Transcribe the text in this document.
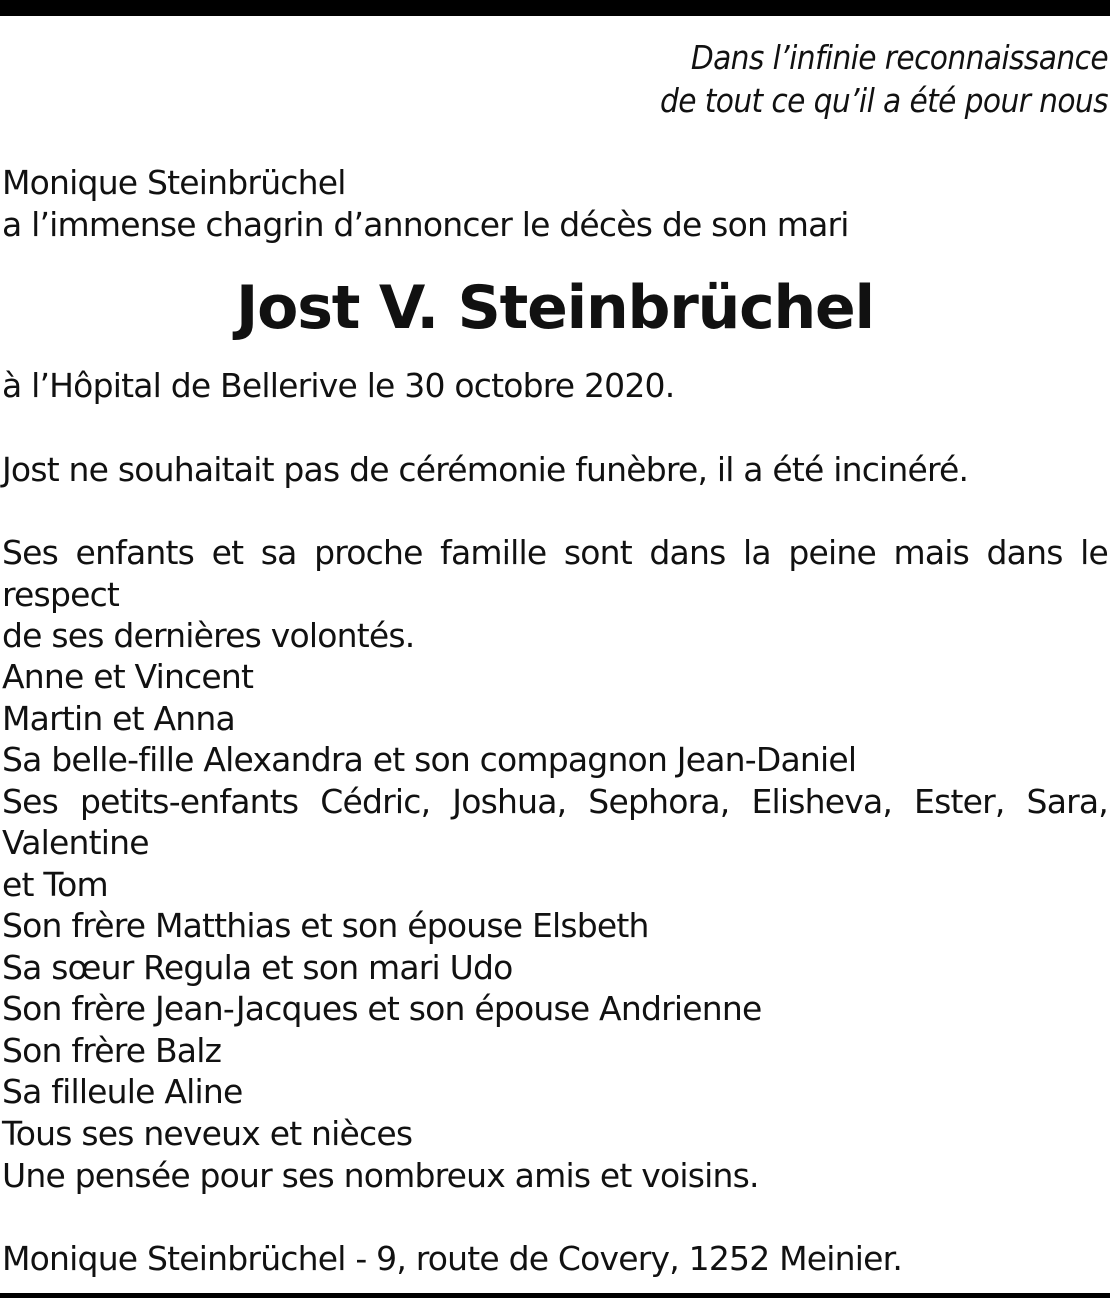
Dans l’infinie reconnaissance
de tout ce qu’il a été pour nous
Monique Steinbrüchel
a l’immense chagrin d’annoncer le décès de son mari
Jost V. Steinbrüchel
à l’Hôpital de Bellerive le 30 octobre 2020.
Jost ne souhaitait pas de cérémonie funèbre, il a été incinéré.
Ses enfants et sa proche famille sont dans la peine mais dans le respect
de ses dernières volontés.
Anne et Vincent
Martin et Anna
Sa belle-fille Alexandra et son compagnon Jean-Daniel
Ses petits-enfants Cédric, Joshua, Sephora, Elisheva, Ester, Sara, Valentine
et Tom
Son frère Matthias et son épouse Elsbeth
Sa sœur Regula et son mari Udo
Son frère Jean-Jacques et son épouse Andrienne
Son frère Balz
Sa filleule Aline
Tous ses neveux et nièces
Une pensée pour ses nombreux amis et voisins.
Monique Steinbrüchel - 9, route de Covery, 1252 Meinier.
